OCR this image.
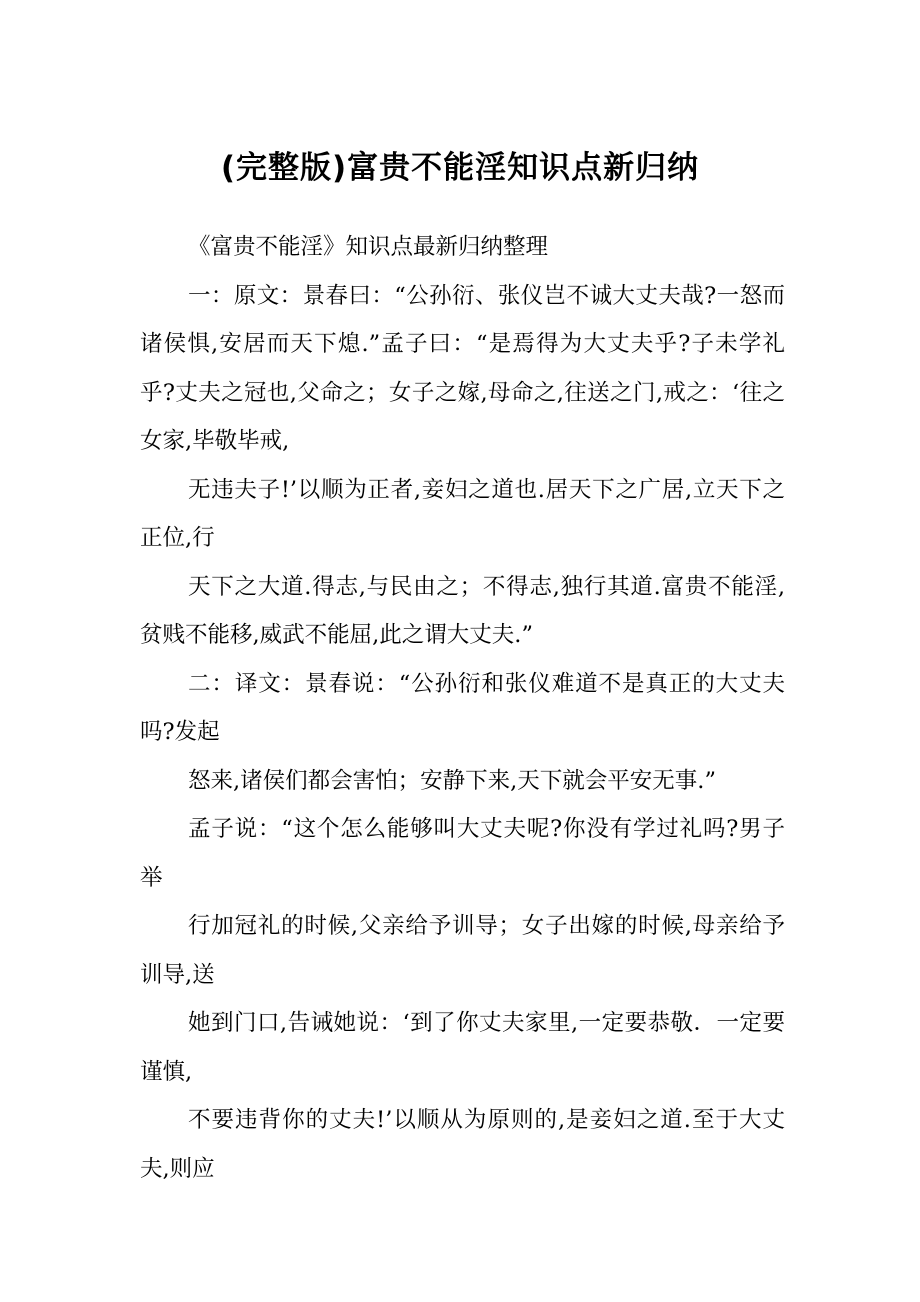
(完整版)富贵不能淫知识点新归纳

《富贵不能淫》知识点最新归纳整理

一：原文：景春曰：“公孙衍、张仪岂不诚大丈夫哉?一怒而诸侯惧,安居而天下熄.”孟子曰：“是焉得为大丈夫乎?子未学礼乎?丈夫之冠也,父命之；女子之嫁,母命之,往送之门,戒之：‘往之女家,毕敬毕戒,

无违夫子!’以顺为正者,妾妇之道也.居天下之广居,立天下之正位,行

天下之大道.得志,与民由之；不得志,独行其道.富贵不能淫,贫贱不能移,威武不能屈,此之谓大丈夫.”

二：译文：景春说：“公孙衍和张仪难道不是真正的大丈夫吗?发起

怒来,诸侯们都会害怕；安静下来,天下就会平安无事.”

孟子说：“这个怎么能够叫大丈夫呢?你没有学过礼吗?男子举

行加冠礼的时候,父亲给予训导；女子出嫁的时候,母亲给予训导,送

她到门口,告诫她说：‘到了你丈夫家里,一定要恭敬．一定要谨慎,

不要违背你的丈夫!’以顺从为原则的,是妾妇之道.至于大丈夫,则应
